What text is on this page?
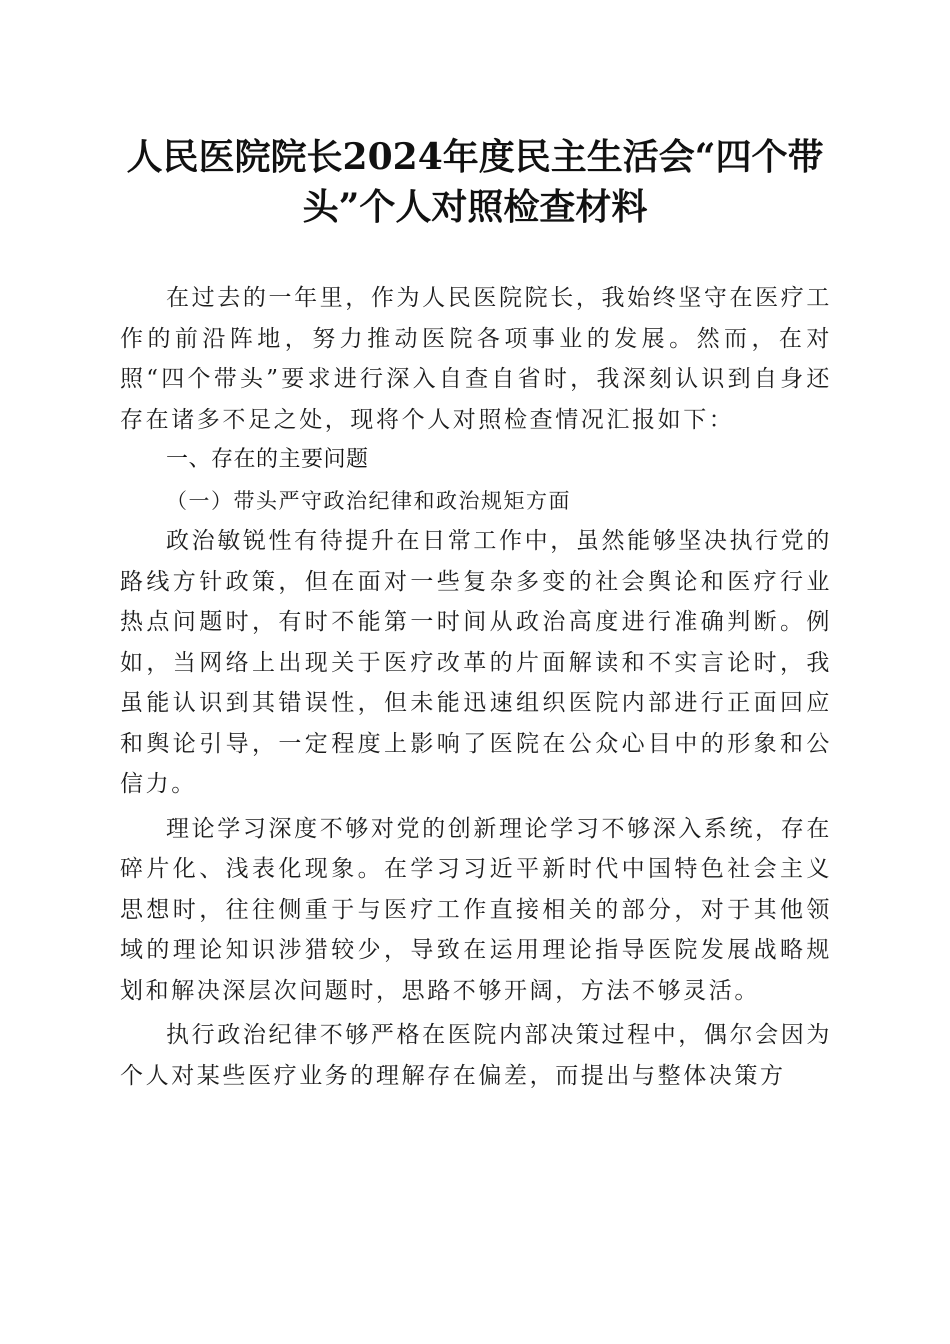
人民医院院长2024年度民主生活会“四个带
头”个人对照检查材料

在过去的一年里，作为人民医院院长，我始终坚守在医疗工作的前沿阵地，努力推动医院各项事业的发展。然而，在对照“四个带头”要求进行深入自查自省时，我深刻认识到自身还存在诸多不足之处，现将个人对照检查情况汇报如下：

一、存在的主要问题

（一）带头严守政治纪律和政治规矩方面

政治敏锐性有待提升在日常工作中，虽然能够坚决执行党的路线方针政策，但在面对一些复杂多变的社会舆论和医疗行业热点问题时，有时不能第一时间从政治高度进行准确判断。例如，当网络上出现关于医疗改革的片面解读和不实言论时，我虽能认识到其错误性，但未能迅速组织医院内部进行正面回应和舆论引导，一定程度上影响了医院在公众心目中的形象和公信力。

理论学习深度不够对党的创新理论学习不够深入系统，存在碎片化、浅表化现象。在学习习近平新时代中国特色社会主义思想时，往往侧重于与医疗工作直接相关的部分，对于其他领域的理论知识涉猎较少，导致在运用理论指导医院发展战略规划和解决深层次问题时，思路不够开阔，方法不够灵活。

执行政治纪律不够严格在医院内部决策过程中，偶尔会因为个人对某些医疗业务的理解存在偏差，而提出与整体决策方
